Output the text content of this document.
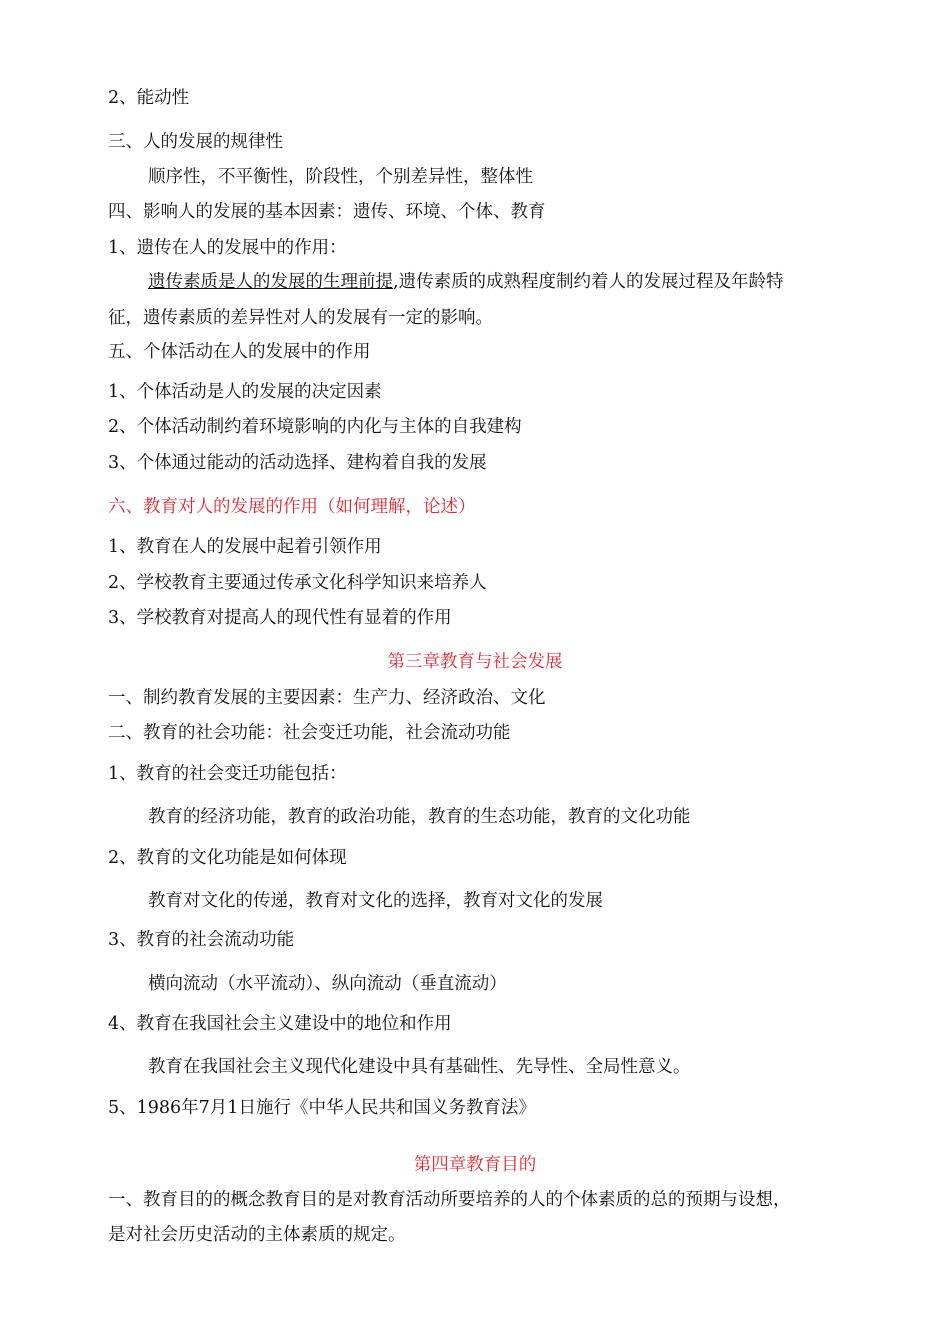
2、能动性
三、人的发展的规律性
顺序性，不平衡性，阶段性，个别差异性，整体性
四、影响人的发展的基本因素：遗传、环境、个体、教育
1、遗传在人的发展中的作用：
遗传素质是人的发展的生理前提,遗传素质的成熟程度制约着人的发展过程及年龄特
征，遗传素质的差异性对人的发展有一定的影响。
五、个体活动在人的发展中的作用
1、个体活动是人的发展的决定因素
2、个体活动制约着环境影响的内化与主体的自我建构
3、个体通过能动的活动选择、建构着自我的发展
六、教育对人的发展的作用（如何理解，论述）
1、教育在人的发展中起着引领作用
2、学校教育主要通过传承文化科学知识来培养人
3、学校教育对提高人的现代性有显着的作用
第三章教育与社会发展
一、制约教育发展的主要因素：生产力、经济政治、文化
二、教育的社会功能：社会变迁功能，社会流动功能
1、教育的社会变迁功能包括：
教育的经济功能，教育的政治功能，教育的生态功能，教育的文化功能
2、教育的文化功能是如何体现
教育对文化的传递，教育对文化的选择，教育对文化的发展
3、教育的社会流动功能
横向流动（水平流动）、纵向流动（垂直流动）
4、教育在我国社会主义建设中的地位和作用
教育在我国社会主义现代化建设中具有基础性、先导性、全局性意义。
5、1986年7月1日施行《中华人民共和国义务教育法》
第四章教育目的
一、教育目的的概念教育目的是对教育活动所要培养的人的个体素质的总的预期与设想，
是对社会历史活动的主体素质的规定。
